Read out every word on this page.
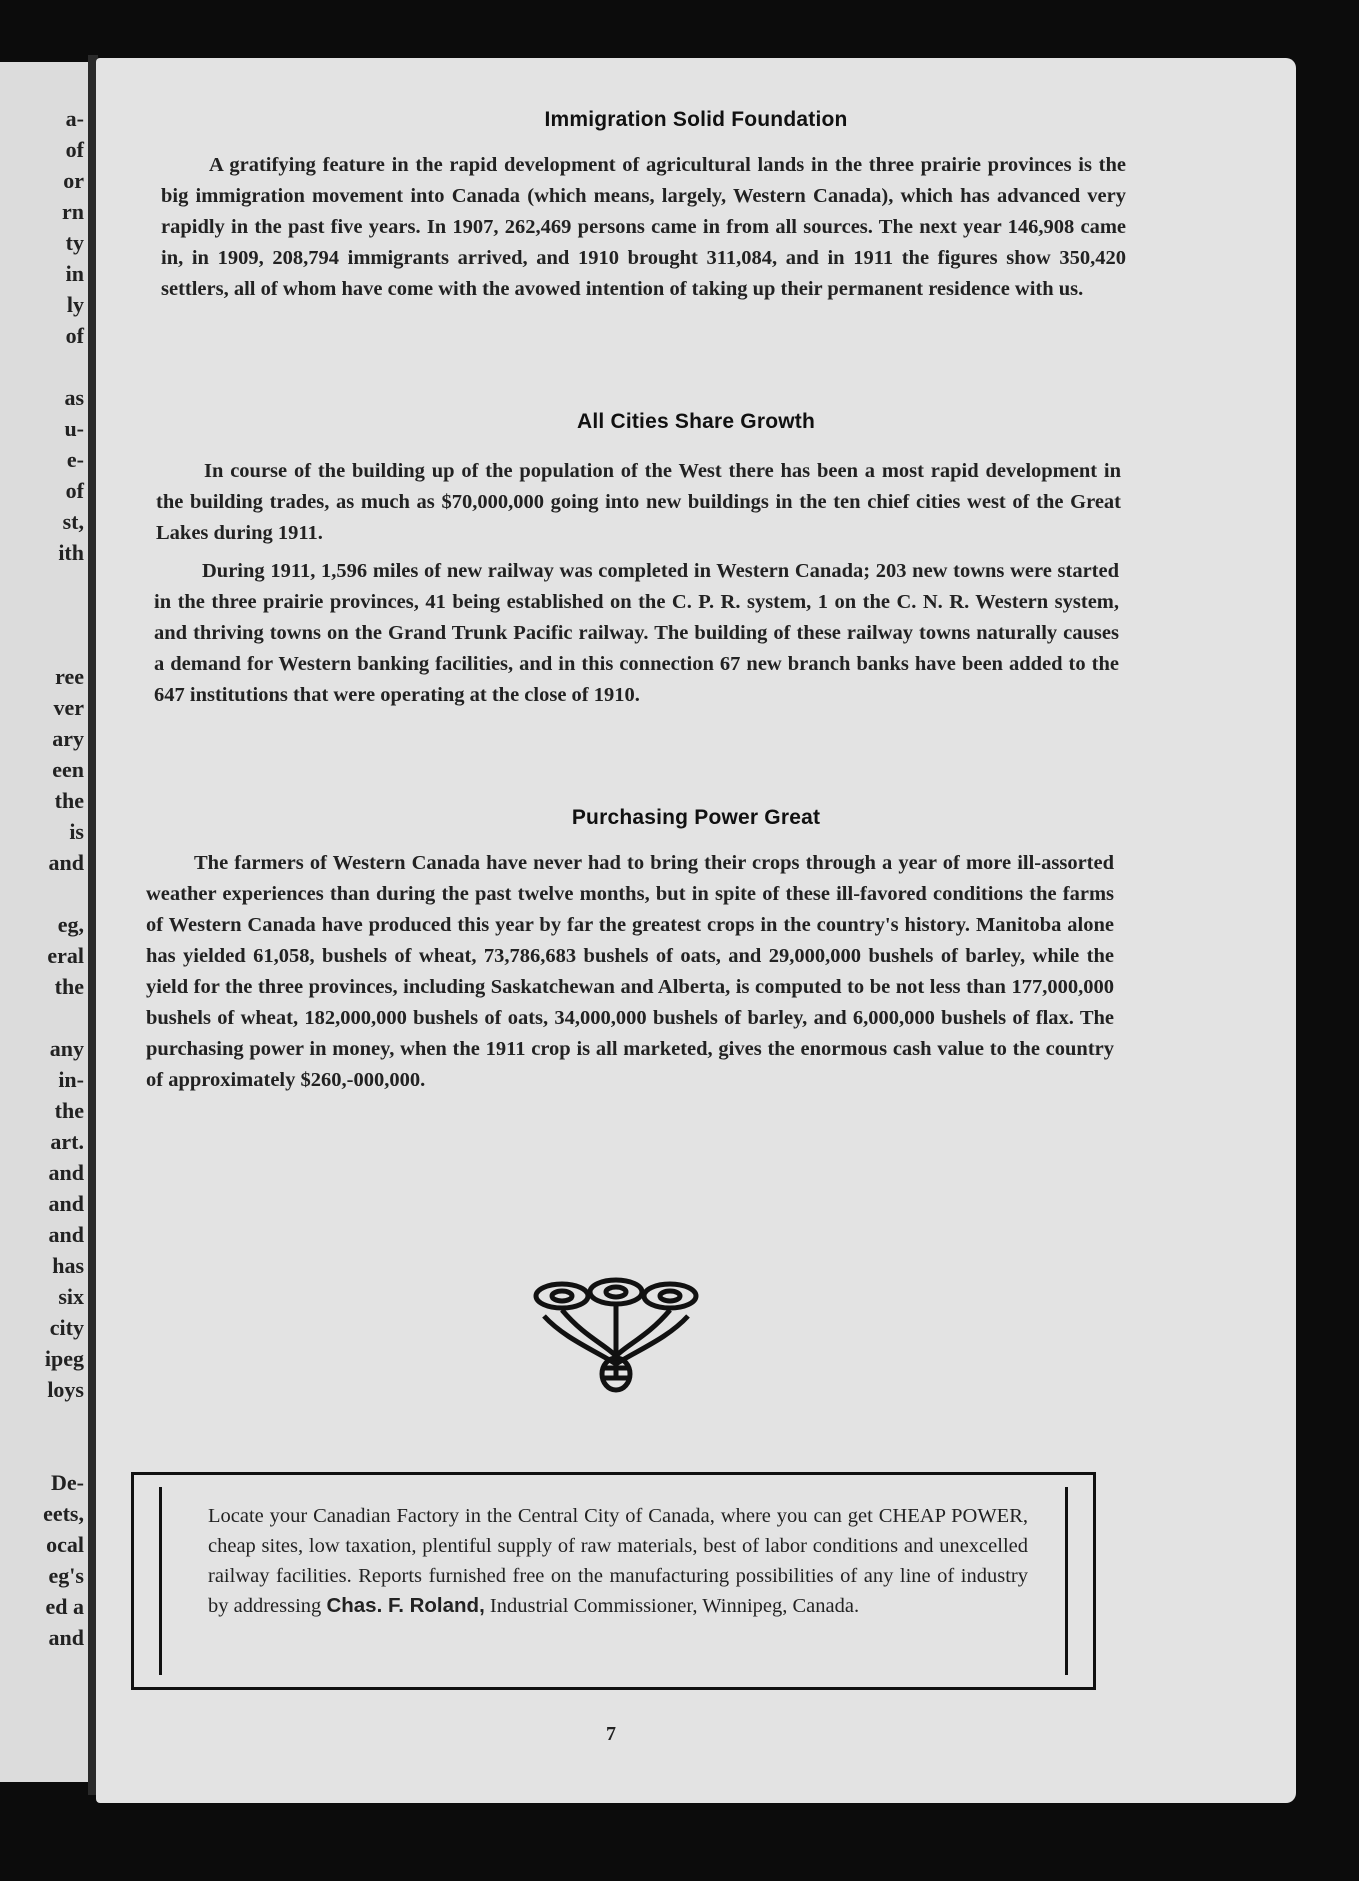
a-
of
or
rn
ty
in
ly
of
as
u-
e-
of
st,
ith
ree
ver
ary
een
the
is
and
eg,
eral
the
any
in-
the
art.
and
and
and
has
six
city
ipeg
loys
De-
eets,
ocal
eg's
ed a
and
Immigration Solid Foundation

A gratifying feature in the rapid development of agricultural lands in the three prairie provinces is the big immigration movement into Canada (which means, largely, Western Canada), which has advanced very rapidly in the past five years. In 1907, 262,469 persons came in from all sources. The next year 146,908 came in, in 1909, 208,794 immigrants arrived, and 1910 brought 311,084, and in 1911 the figures show 350,420 settlers, all of whom have come with the avowed intention of taking up their permanent residence with us.

All Cities Share Growth

In course of the building up of the population of the West there has been a most rapid development in the building trades, as much as $70,000,000 going into new buildings in the ten chief cities west of the Great Lakes during 1911.

During 1911, 1,596 miles of new railway was completed in Western Canada; 203 new towns were started in the three prairie provinces, 41 being established on the C. P. R. system, 1 on the C. N. R. Western system, and thriving towns on the Grand Trunk Pacific railway. The building of these railway towns naturally causes a demand for Western banking facilities, and in this connection 67 new branch banks have been added to the 647 institutions that were operating at the close of 1910.

Purchasing Power Great

The farmers of Western Canada have never had to bring their crops through a year of more ill-assorted weather experiences than during the past twelve months, but in spite of these ill-favored conditions the farms of Western Canada have produced this year by far the greatest crops in the country's history. Manitoba alone has yielded 61,058, bushels of wheat, 73,786,683 bushels of oats, and 29,000,000 bushels of barley, while the yield for the three provinces, including Saskatchewan and Alberta, is computed to be not less than 177,000,000 bushels of wheat, 182,000,000 bushels of oats, 34,000,000 bushels of barley, and 6,000,000 bushels of flax. The purchasing power in money, when the 1911 crop is all marketed, gives the enormous cash value to the country of approximately $260,-000,000.

Locate your Canadian Factory in the Central City of Canada, where you can get CHEAP POWER, cheap sites, low taxation, plentiful supply of raw materials, best of labor conditions and unexcelled railway facilities. Reports furnished free on the manufacturing possibilities of any line of industry by addressing Chas. F. Roland, Industrial Commissioner, Winnipeg, Canada.

7
